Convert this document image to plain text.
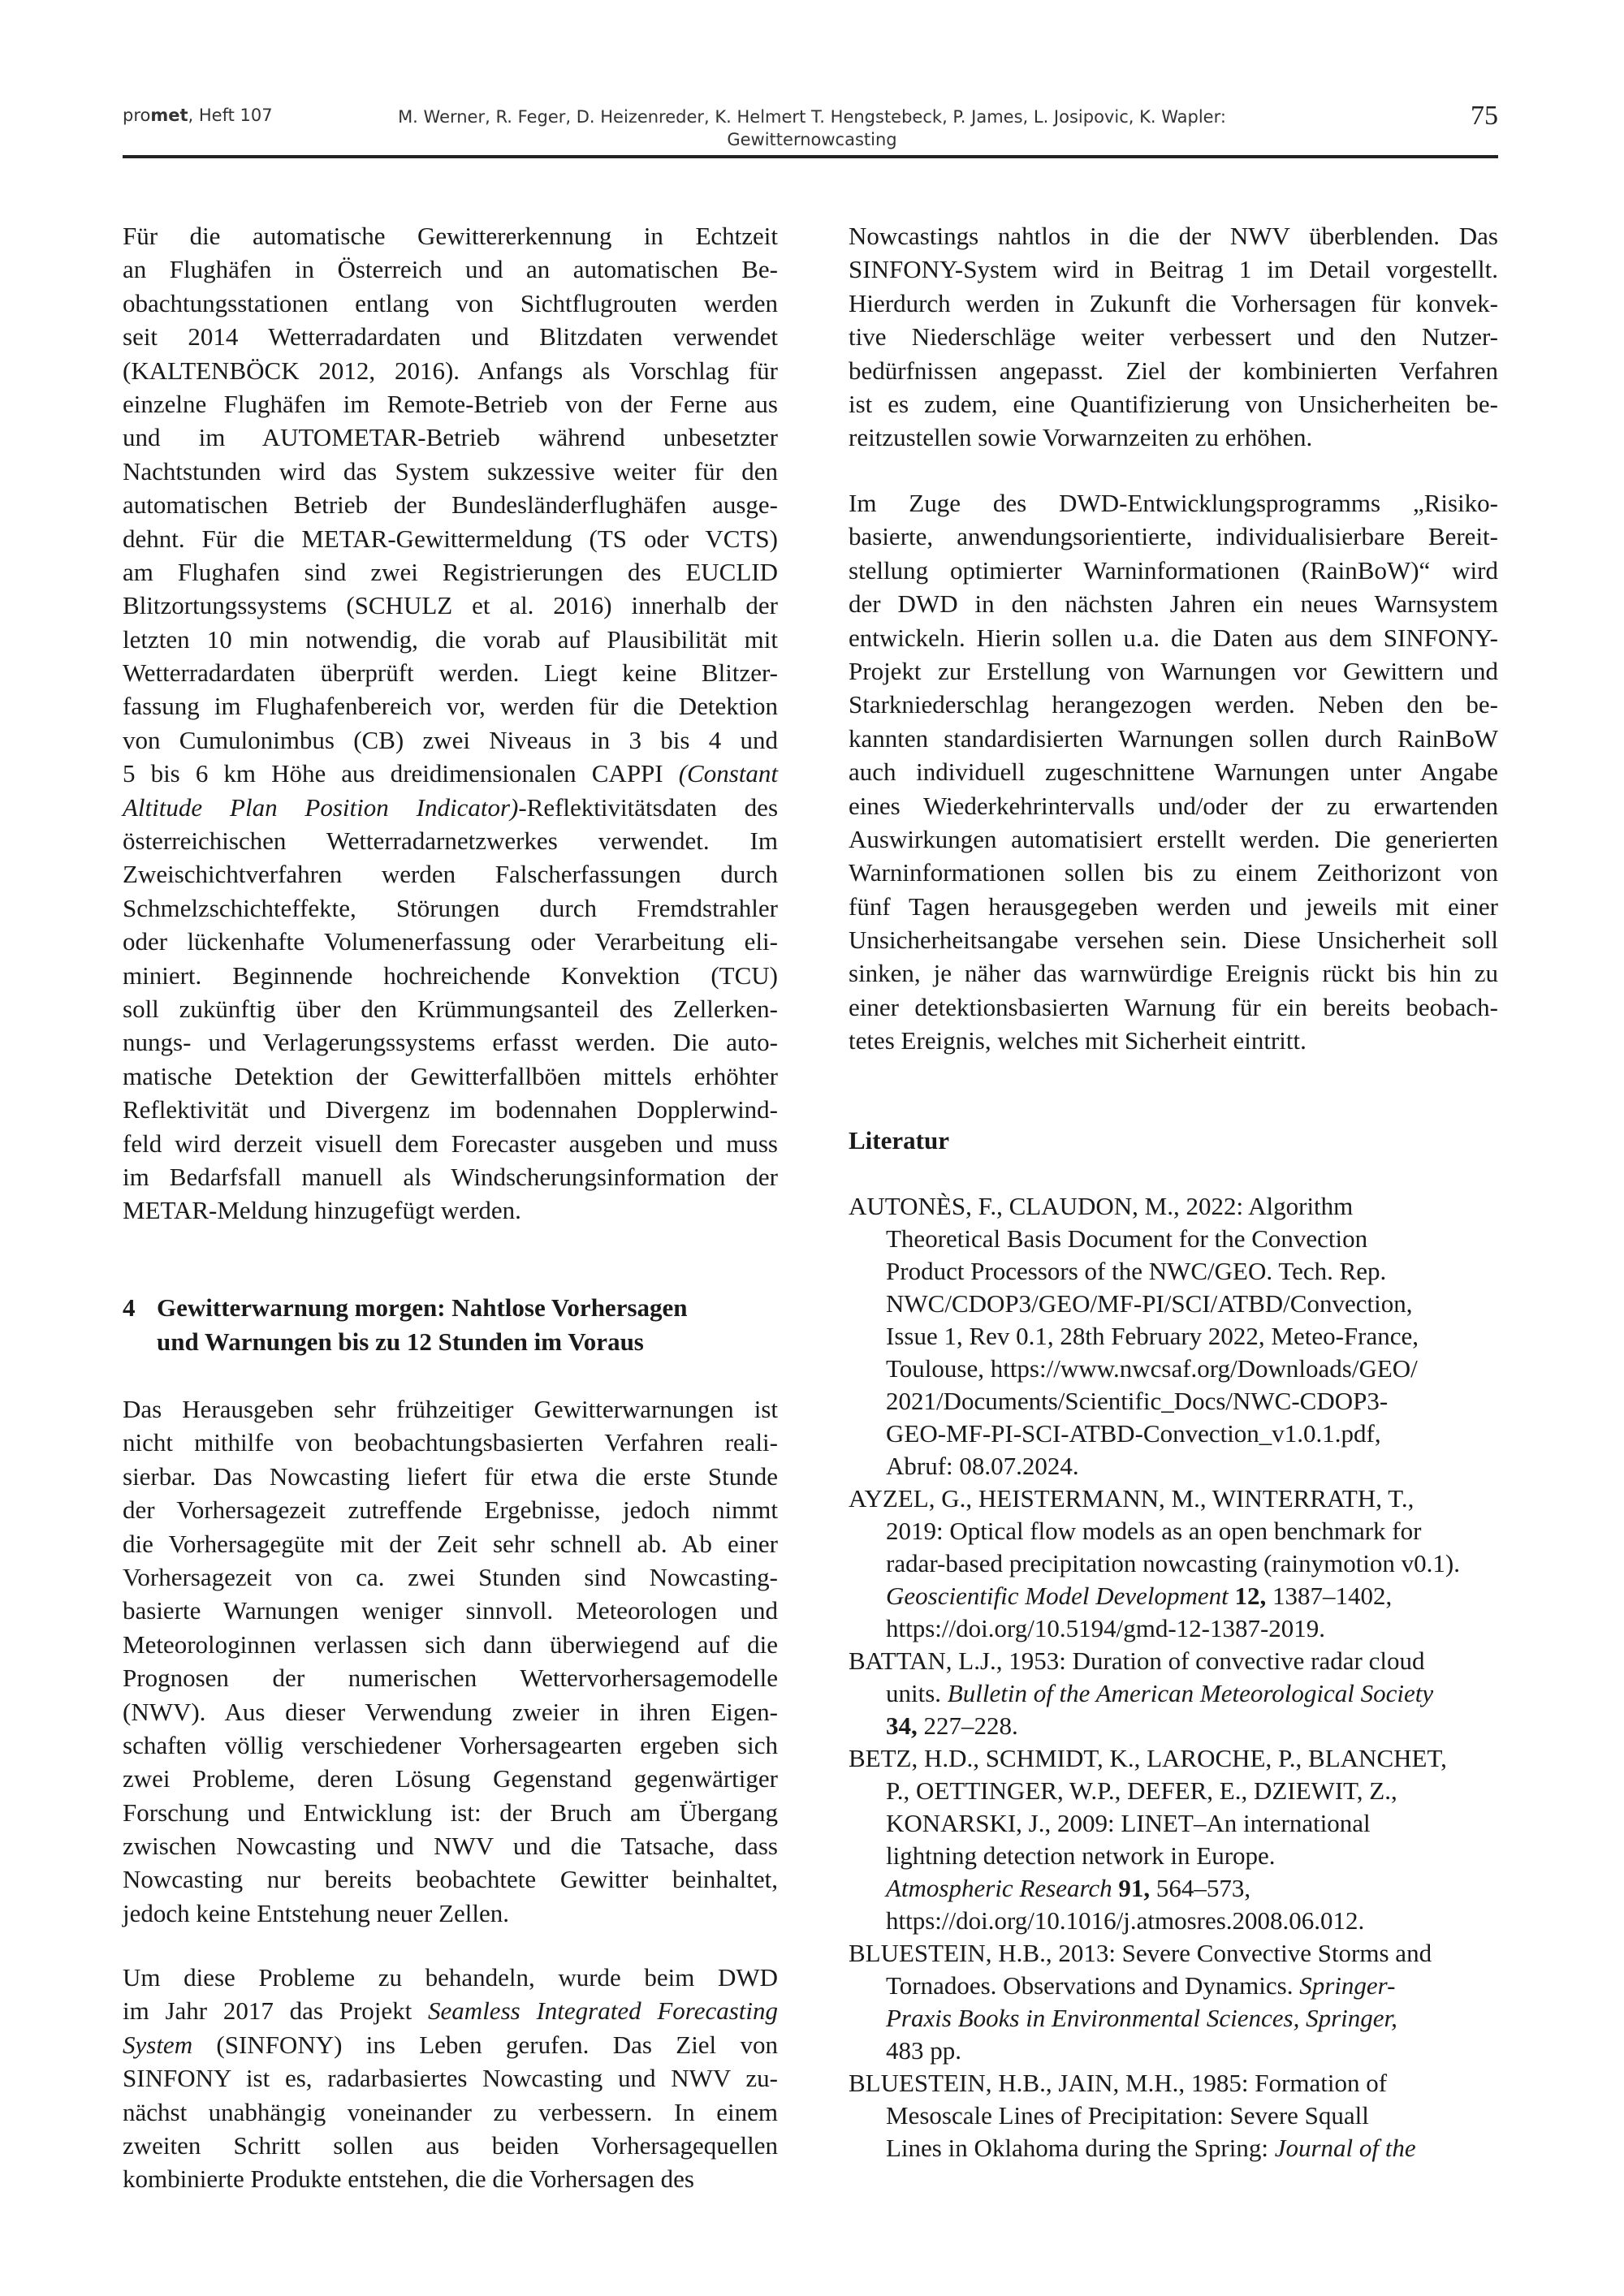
promet, Heft 107	M. Werner, R. Feger, D. Heizenreder, K. Helmert T. Hengstebeck, P. James, L. Josipovic, K. Wapler:
Gewitternowcasting
75
Für die automatische Gewittererkennung in Echtzeit
an Flughäfen in Österreich und an automatischen Be-
obachtungsstationen entlang von Sichtflugrouten werden
seit 2014 Wetterradardaten und Blitzdaten verwendet
(KALTENBÖCK 2012, 2016). Anfangs als Vorschlag für
einzelne Flughäfen im Remote-Betrieb von der Ferne aus
und im AUTOMETAR-Betrieb während unbesetzter
Nachtstunden wird das System sukzessive weiter für den
automatischen Betrieb der Bundesländerflughäfen ausge-
dehnt. Für die METAR-Gewittermeldung (TS oder VCTS)
am Flughafen sind zwei Registrierungen des EUCLID
Blitzortungssystems (SCHULZ et al. 2016) innerhalb der
letzten 10 min notwendig, die vorab auf Plausibilität mit
Wetterradardaten überprüft werden. Liegt keine Blitzer-
fassung im Flughafenbereich vor, werden für die Detektion
von Cumulonimbus (CB) zwei Niveaus in 3 bis 4 und
5 bis 6 km Höhe aus dreidimensionalen CAPPI (Constant
Altitude Plan Position Indicator)-Reflektivitätsdaten des
österreichischen Wetterradarnetzwerkes verwendet. Im
Zweischichtverfahren werden Falscherfassungen durch
Schmelzschichteffekte, Störungen durch Fremdstrahler
oder lückenhafte Volumenerfassung oder Verarbeitung eli-
miniert. Beginnende hochreichende Konvektion (TCU)
soll zukünftig über den Krümmungsanteil des Zellerken-
nungs- und Verlagerungssystems erfasst werden. Die auto-
matische Detektion der Gewitterfallböen mittels erhöhter
Reflektivität und Divergenz im bodennahen Dopplerwind-
feld wird derzeit visuell dem Forecaster ausgeben und muss
im Bedarfsfall manuell als Windscherungsinformation der
METAR-Meldung hinzugefügt werden.
4 Gewitterwarnung morgen: Nahtlose Vorhersagen
und Warnungen bis zu 12 Stunden im Voraus
Das Herausgeben sehr frühzeitiger Gewitterwarnungen ist
nicht mithilfe von beobachtungsbasierten Verfahren reali-
sierbar. Das Nowcasting liefert für etwa die erste Stunde
der Vorhersagezeit zutreffende Ergebnisse, jedoch nimmt
die Vorhersagegüte mit der Zeit sehr schnell ab. Ab einer
Vorhersagezeit von ca. zwei Stunden sind Nowcasting-
basierte Warnungen weniger sinnvoll. Meteorologen und
Meteorologinnen verlassen sich dann überwiegend auf die
Prognosen der numerischen Wettervorhersagemodelle
(NWV). Aus dieser Verwendung zweier in ihren Eigen-
schaften völlig verschiedener Vorhersagearten ergeben sich
zwei Probleme, deren Lösung Gegenstand gegenwärtiger
Forschung und Entwicklung ist: der Bruch am Übergang
zwischen Nowcasting und NWV und die Tatsache, dass
Nowcasting nur bereits beobachtete Gewitter beinhaltet,
jedoch keine Entstehung neuer Zellen.
Um diese Probleme zu behandeln, wurde beim DWD
im Jahr 2017 das Projekt Seamless Integrated Forecasting
System (SINFONY) ins Leben gerufen. Das Ziel von
SINFONY ist es, radarbasiertes Nowcasting und NWV zu-
nächst unabhängig voneinander zu verbessern. In einem
zweiten Schritt sollen aus beiden Vorhersagequellen
kombinierte Produkte entstehen, die die Vorhersagen des
Nowcastings nahtlos in die der NWV überblenden. Das
SINFONY-System wird in Beitrag 1 im Detail vorgestellt.
Hierdurch werden in Zukunft die Vorhersagen für konvek-
tive Niederschläge weiter verbessert und den Nutzer-
bedürfnissen angepasst. Ziel der kombinierten Verfahren
ist es zudem, eine Quantifizierung von Unsicherheiten be-
reitzustellen sowie Vorwarnzeiten zu erhöhen.
Im Zuge des DWD-Entwicklungsprogramms „Risiko-
basierte, anwendungsorientierte, individualisierbare Bereit-
stellung optimierter Warninformationen (RainBoW)“ wird
der DWD in den nächsten Jahren ein neues Warnsystem
entwickeln. Hierin sollen u.a. die Daten aus dem SINFONY-
Projekt zur Erstellung von Warnungen vor Gewittern und
Starkniederschlag herangezogen werden. Neben den be-
kannten standardisierten Warnungen sollen durch RainBoW
auch individuell zugeschnittene Warnungen unter Angabe
eines Wiederkehrintervalls und/oder der zu erwartenden
Auswirkungen automatisiert erstellt werden. Die generierten
Warninformationen sollen bis zu einem Zeithorizont von
fünf Tagen herausgegeben werden und jeweils mit einer
Unsicherheitsangabe versehen sein. Diese Unsicherheit soll
sinken, je näher das warnwürdige Ereignis rückt bis hin zu
einer detektionsbasierten Warnung für ein bereits beobach-
tetes Ereignis, welches mit Sicherheit eintritt.
Literatur
AUTONÈS, F., CLAUDON, M., 2022: Algorithm
Theoretical Basis Document for the Convection
Product Processors of the NWC/GEO. Tech. Rep.
NWC/CDOP3/GEO/MF-PI/SCI/ATBD/Convection,
Issue 1, Rev 0.1, 28th February 2022, Meteo-France,
Toulouse, https://www.nwcsaf.org/Downloads/GEO/
2021/Documents/Scientific_Docs/NWC-CDOP3-
GEO-MF-PI-SCI-ATBD-Convection_v1.0.1.pdf,
Abruf: 08.07.2024.
AYZEL, G., HEISTERMANN, M., WINTERRATH, T.,
2019: Optical flow models as an open benchmark for
radar-based precipitation nowcasting (rainymotion v0.1).
Geoscientific Model Development 12, 1387–1402,
https://doi.org/10.5194/gmd-12-1387-2019.
BATTAN, L.J., 1953: Duration of convective radar cloud
units. Bulletin of the American Meteorological Society
34, 227–228.
BETZ, H.D., SCHMIDT, K., LAROCHE, P., BLANCHET,
P., OETTINGER, W.P., DEFER, E., DZIEWIT, Z.,
KONARSKI, J., 2009: LINET–An international
lightning detection network in Europe.
Atmospheric Research 91, 564–573,
https://doi.org/10.1016/j.atmosres.2008.06.012.
BLUESTEIN, H.B., 2013: Severe Convective Storms and
Tornadoes. Observations and Dynamics. Springer-
Praxis Books in Environmental Sciences, Springer,
483 pp.
BLUESTEIN, H.B., JAIN, M.H., 1985: Formation of
Mesoscale Lines of Precipitation: Severe Squall
Lines in Oklahoma during the Spring: Journal of the
